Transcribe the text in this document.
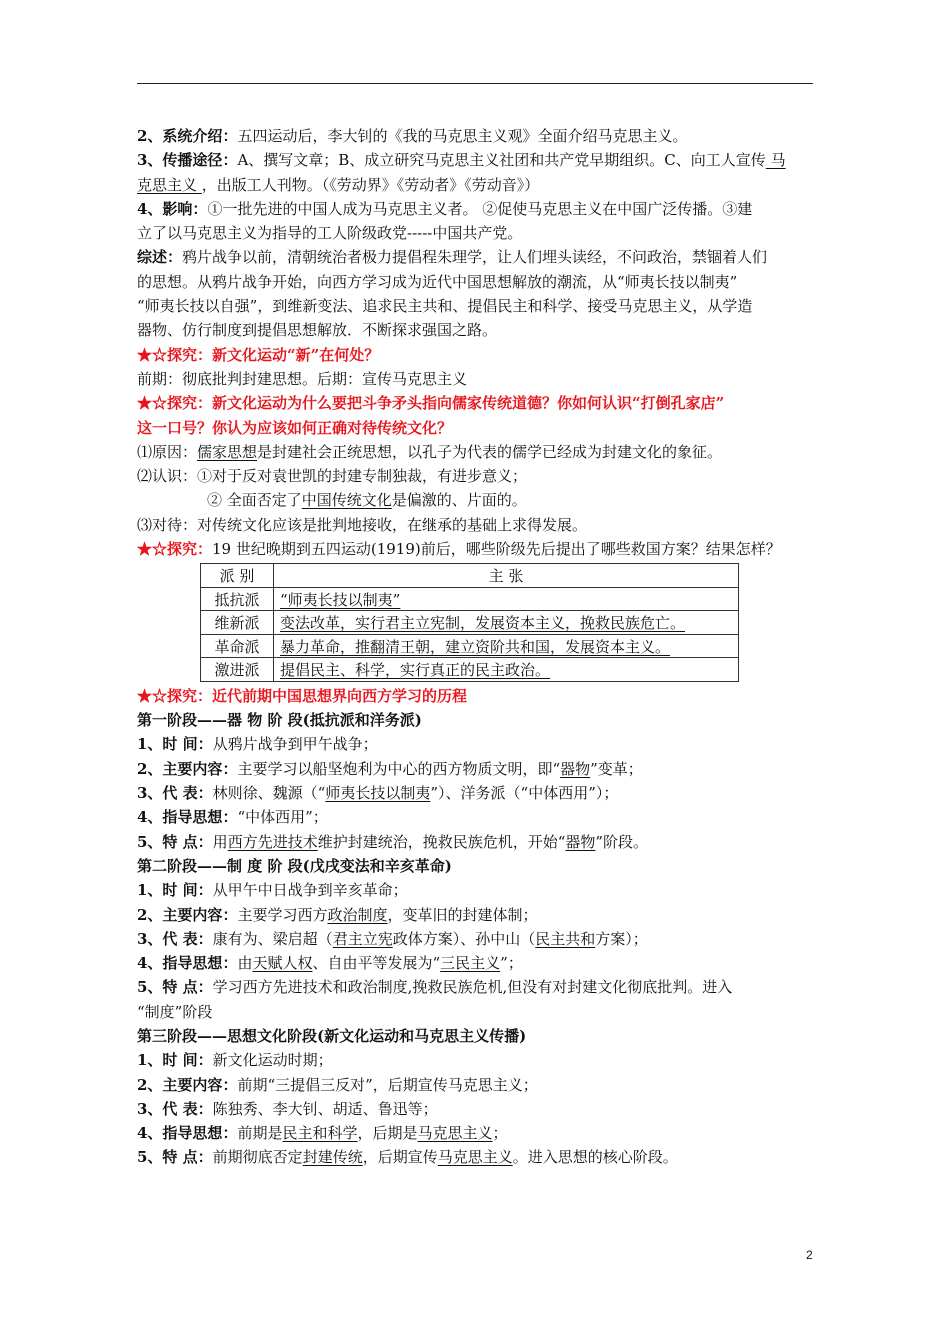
2、系统介绍：五四运动后，李大钊的《我的马克思主义观》全面介绍马克思主义。
3、传播途径：A、撰写文章；B、成立研究马克思主义社团和共产党早期组织。C、向工人宣传 马
克思主义 ，出版工人刊物。（《劳动界》《劳动者》《劳动音》）
4、影响：①一批先进的中国人成为马克思主义者。 ②促使马克思主义在中国广泛传播。③建
立了以马克思主义为指导的工人阶级政党-----中国共产党。
综述：鸦片战争以前，清朝统治者极力提倡程朱理学，让人们埋头读经，不问政治，禁锢着人们
的思想。从鸦片战争开始，向西方学习成为近代中国思想解放的潮流，从“师夷长技以制夷”
“师夷长技以自强”，到维新变法、追求民主共和、提倡民主和科学、接受马克思主义，从学造
器物、仿行制度到提倡思想解放．不断探求强国之路。
★☆探究：新文化运动“新”在何处？
前期：彻底批判封建思想。后期：宣传马克思主义
★☆探究：新文化运动为什么要把斗争矛头指向儒家传统道德？你如何认识“打倒孔家店”
这一口号？你认为应该如何正确对待传统文化？
⑴原因：儒家思想是封建社会正统思想，以孔子为代表的儒学已经成为封建文化的象征。
⑵认识：①对于反对袁世凯的封建专制独裁，有进步意义；
② 全面否定了中国传统文化是偏激的、片面的。
⑶对待：对传统文化应该是批判地接收，在继承的基础上求得发展。
★☆探究：19 世纪晚期到五四运动(1919)前后，哪些阶级先后提出了哪些救国方案？结果怎样？
派 别	主 张
抵抗派	“师夷长技以制夷”
维新派	变法改革，实行君主立宪制，发展资本主义，挽救民族危亡。
革命派	暴力革命，推翻清王朝，建立资阶共和国，发展资本主义。
激进派	提倡民主、科学，实行真正的民主政治。
★☆探究：近代前期中国思想界向西方学习的历程
第一阶段——器 物 阶 段(抵抗派和洋务派)
1、时 间：从鸦片战争到甲午战争；
2、主要内容：主要学习以船坚炮利为中心的西方物质文明，即“器物”变革；
3、代 表：林则徐、魏源（“师夷长技以制夷”）、洋务派（“中体西用”）；
4、指导思想：“中体西用”；
5、特 点：用西方先进技术维护封建统治，挽救民族危机，开始“器物”阶段。
第二阶段——制 度 阶 段(戊戌变法和辛亥革命)
1、时 间：从甲午中日战争到辛亥革命；
2、主要内容：主要学习西方政治制度，变革旧的封建体制；
3、代 表：康有为、梁启超（君主立宪政体方案）、孙中山（民主共和方案）；
4、指导思想：由天赋人权、自由平等发展为“三民主义”；
5、特 点：学习西方先进技术和政治制度,挽救民族危机,但没有对封建文化彻底批判。进入
“制度”阶段
第三阶段——思想文化阶段(新文化运动和马克思主义传播)
1、时 间：新文化运动时期；
2、主要内容：前期“三提倡三反对”，后期宣传马克思主义；
3、代 表：陈独秀、李大钊、胡适、鲁迅等；
4、指导思想：前期是民主和科学，后期是马克思主义；
5、特 点：前期彻底否定封建传统，后期宣传马克思主义。进入思想的核心阶段。
2
